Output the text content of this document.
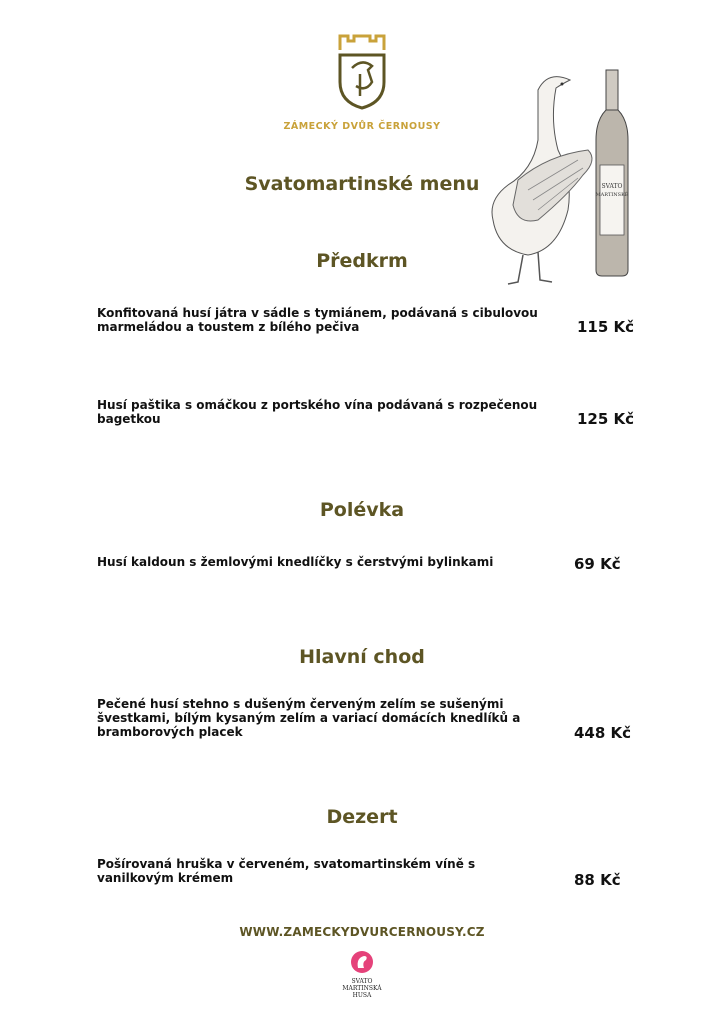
ZÁMECKÝ DVŮR ČERNOUSY
Svatomartinské menu	SVATO
MARTINSKÉ
Předkrm
Konfitovaná husí játra v sádle s tymiánem, podávaná s cibulovou
marmeládou a toustem z bílého pečiva	115 Kč
Husí paštika s omáčkou z portského vína podávaná s rozpečenou
bagetkou	125 Kč
Polévka
Husí kaldoun s žemlovými knedlíčky s čerstvými bylinkami	69 Kč
Hlavní chod
Pečené husí stehno s dušeným červeným zelím se sušenými
švestkami, bílým kysaným zelím a variací domácích knedlíků a
bramborových placek	448 Kč
Dezert
Pošírovaná hruška v červeném, svatomartinském víně s
vanilkovým krémem	88 Kč
WWW.ZAMECKYDVURCERNOUSY.CZ
SVATO
MARTINSKÁ
HUSA
